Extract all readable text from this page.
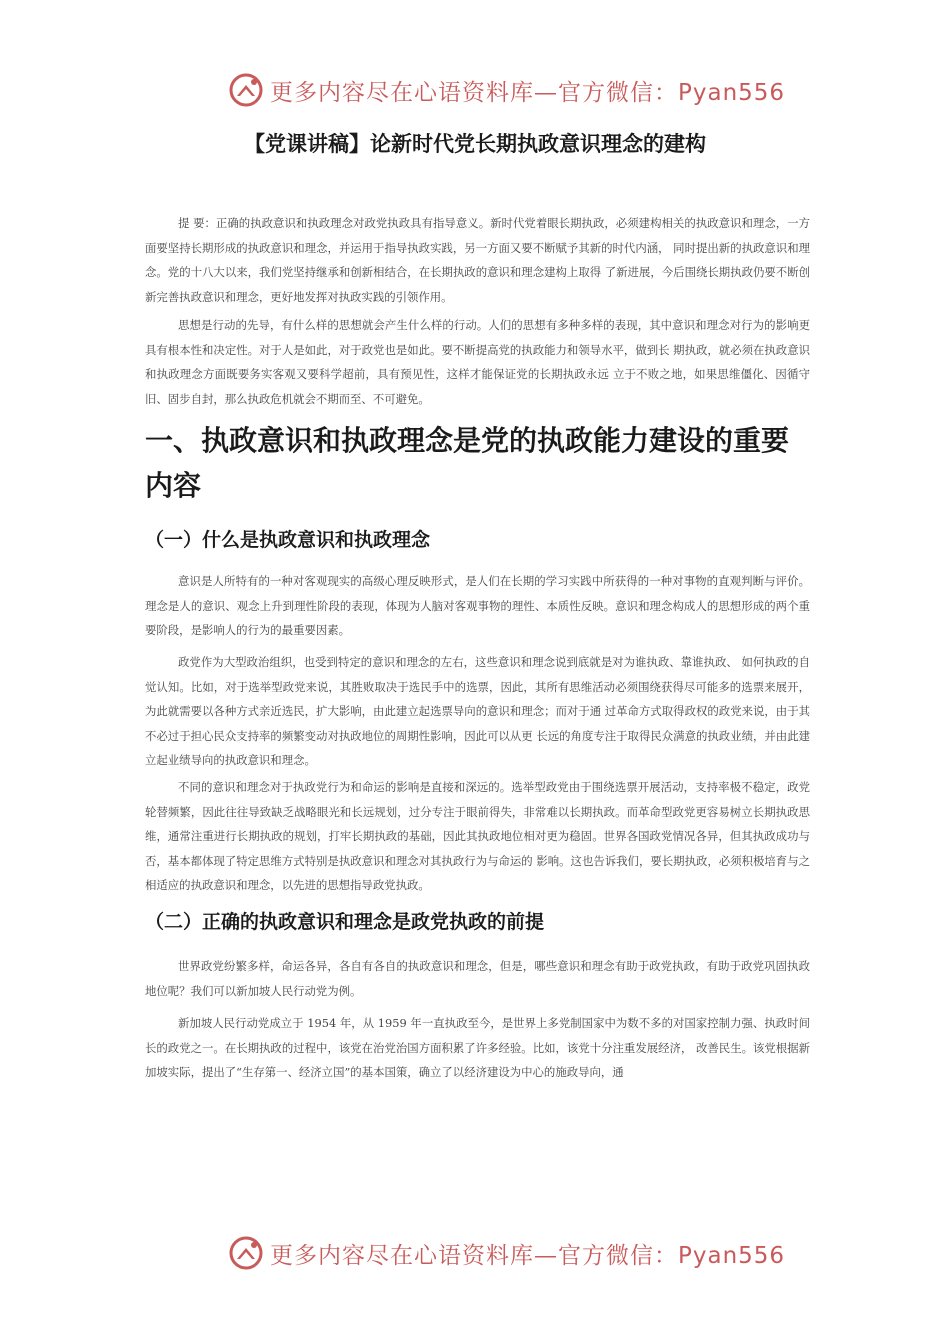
更多内容尽在心语资料库—官方微信：Pyan556
【党课讲稿】论新时代党长期执政意识理念的建构

提 要：正确的执政意识和执政理念对政党执政具有指导意义。新时代党着眼长期执政，必须建构相关的执政意识和理念，一方面要坚持长期形成的执政意识和理念，并运用于指导执政实践，另一方面又要不断赋予其新的时代内涵， 同时提出新的执政意识和理念。党的十八大以来，我们党坚持继承和创新相结合，在长期执政的意识和理念建构上取得 了新进展，今后围绕长期执政仍要不断创新完善执政意识和理念，更好地发挥对执政实践的引领作用。

思想是行动的先导，有什么样的思想就会产生什么样的行动。人们的思想有多种多样的表现，其中意识和理念对行为的影响更具有根本性和决定性。对于人是如此，对于政党也是如此。要不断提高党的执政能力和领导水平，做到长 期执政，就必须在执政意识和执政理念方面既要务实客观又要科学超前，具有预见性，这样才能保证党的长期执政永远 立于不败之地，如果思维僵化、因循守旧、固步自封，那么执政危机就会不期而至、不可避免。

一、执政意识和执政理念是党的执政能力建设的重要内容
（一）什么是执政意识和执政理念

意识是人所特有的一种对客观现实的高级心理反映形式，是人们在长期的学习实践中所获得的一种对事物的直观判断与评价。理念是人的意识、观念上升到理性阶段的表现，体现为人脑对客观事物的理性、本质性反映。意识和理念构成人的思想形成的两个重要阶段，是影响人的行为的最重要因素。

政党作为大型政治组织，也受到特定的意识和理念的左右，这些意识和理念说到底就是对为谁执政、靠谁执政、 如何执政的自觉认知。比如，对于选举型政党来说，其胜败取决于选民手中的选票，因此，其所有思维活动必须围绕获得尽可能多的选票来展开，为此就需要以各种方式亲近选民，扩大影响，由此建立起选票导向的意识和理念；而对于通 过革命方式取得政权的政党来说，由于其不必过于担心民众支持率的频繁变动对执政地位的周期性影响，因此可以从更 长远的角度专注于取得民众满意的执政业绩，并由此建立起业绩导向的执政意识和理念。

不同的意识和理念对于执政党行为和命运的影响是直接和深远的。选举型政党由于围绕选票开展活动，支持率极不稳定，政党轮替频繁，因此往往导致缺乏战略眼光和长远规划，过分专注于眼前得失，非常难以长期执政。而革命型政党更容易树立长期执政思维，通常注重进行长期执政的规划，打牢长期执政的基础，因此其执政地位相对更为稳固。世界各国政党情况各异，但其执政成功与否，基本都体现了特定思维方式特别是执政意识和理念对其执政行为与命运的 影响。这也告诉我们，要长期执政，必须积极培育与之相适应的执政意识和理念，以先进的思想指导政党执政。

（二）正确的执政意识和理念是政党执政的前提

世界政党纷繁多样，命运各异，各自有各自的执政意识和理念，但是，哪些意识和理念有助于政党执政，有助于政党巩固执政地位呢？我们可以新加坡人民行动党为例。

新加坡人民行动党成立于 1954 年，从 1959 年一直执政至今，是世界上多党制国家中为数不多的对国家控制力强、执政时间长的政党之一。在长期执政的过程中，该党在治党治国方面积累了许多经验。比如，该党十分注重发展经济， 改善民生。该党根据新加坡实际，提出了“生存第一、经济立国”的基本国策，确立了以经济建设为中心的施政导向，通

更多内容尽在心语资料库—官方微信：Pyan556
